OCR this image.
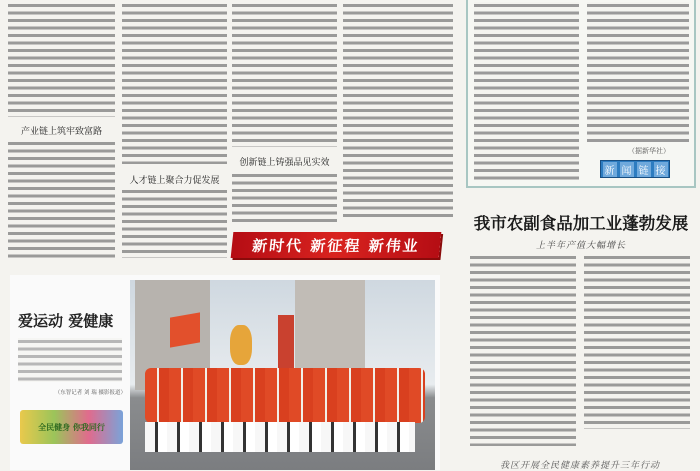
产业链上筑牢致富路
人才链上聚合力促发展
创新链上铸强品见实效
新时代 新征程 新伟业
（据新华社）
新 闻 链 接
我市农副食品加工业蓬勃发展
上半年产值大幅增长
我区开展全民健康素养提升三年行动
爱运动 爱健康
（东智记者 刘 瑞 摄影报道）
全民健身 你我同行
